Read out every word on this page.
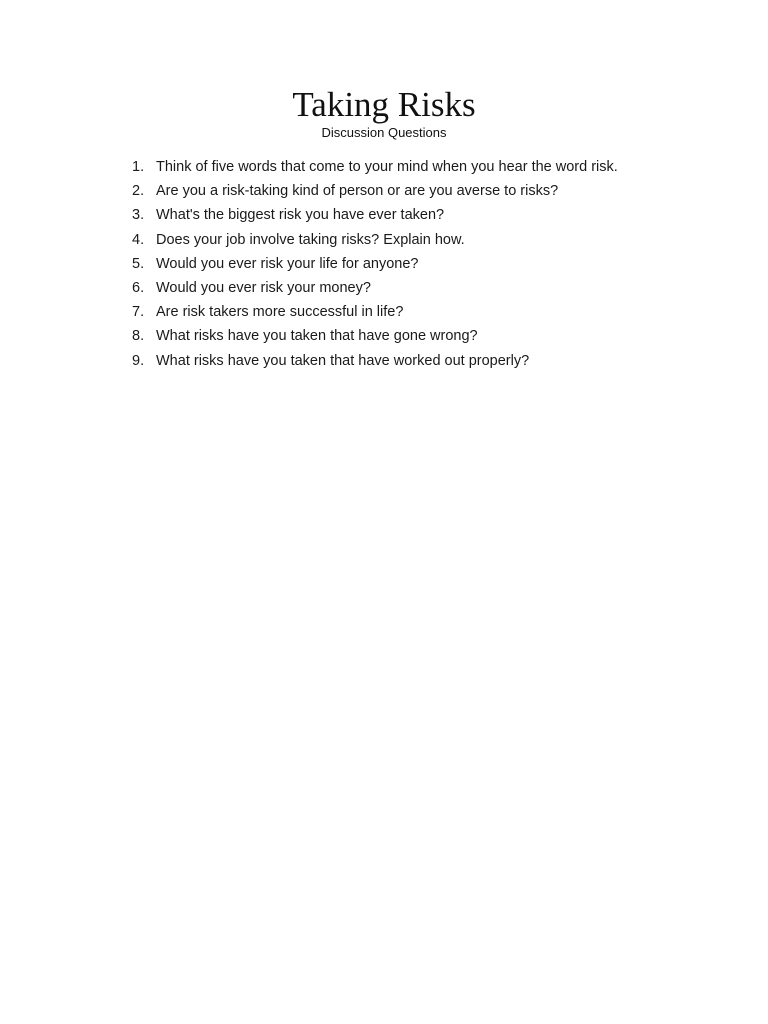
Taking Risks
Discussion Questions
1. Think of five words that come to your mind when you hear the word risk.
2. Are you a risk-taking kind of person or are you averse to risks?
3. What's the biggest risk you have ever taken?
4. Does your job involve taking risks? Explain how.
5. Would you ever risk your life for anyone?
6. Would you ever risk your money?
7. Are risk takers more successful in life?
8. What risks have you taken that have gone wrong?
9. What risks have you taken that have worked out properly?
